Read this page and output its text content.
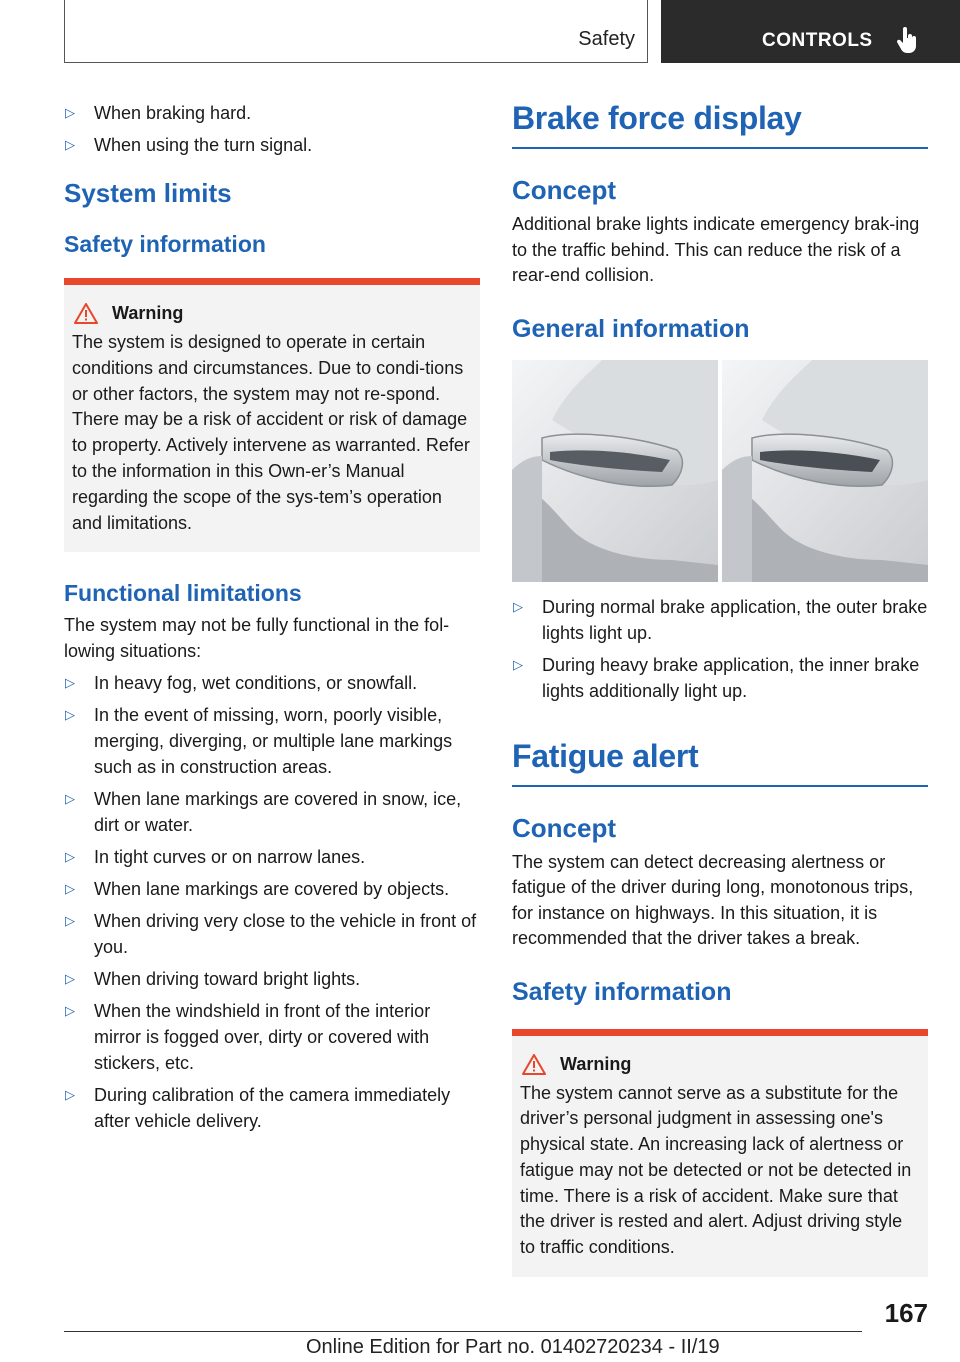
Safety	CONTROLS
▷ When braking hard.
▷ When using the turn signal.
System limits
Safety information
Warning

The system is designed to operate in certain conditions and circumstances. Due to condi-tions or other factors, the system may not re-spond. There may be a risk of accident or risk of damage to property. Actively intervene as warranted. Refer to the information in this Own-er’s Manual regarding the scope of the sys-tem’s operation and limitations.

Functional limitations

The system may not be fully functional in the fol-lowing situations:

▷ In heavy fog, wet conditions, or snowfall.
▷ In the event of missing, worn, poorly visible, merging, diverging, or multiple lane markings such as in construction areas.
▷ When lane markings are covered in snow, ice, dirt or water.
▷ In tight curves or on narrow lanes.
▷ When lane markings are covered by objects.
▷ When driving very close to the vehicle in front of you.
▷ When driving toward bright lights.
▷ When the windshield in front of the interior mirror is fogged over, dirty or covered with stickers, etc.
▷ During calibration of the camera immediately after vehicle delivery.
Brake force display
Concept

Additional brake lights indicate emergency brak-ing to the traffic behind. This can reduce the risk of a rear-end collision.

General information
▷ During normal brake application, the outer brake lights light up.
▷ During heavy brake application, the inner brake lights additionally light up.
Fatigue alert
Concept

The system can detect decreasing alertness or fatigue of the driver during long, monotonous trips, for instance on highways. In this situation, it is recommended that the driver takes a break.

Safety information
Warning

The system cannot serve as a substitute for the driver’s personal judgment in assessing one's physical state. An increasing lack of alertness or fatigue may not be detected or not be detected in time. There is a risk of accident. Make sure that the driver is rested and alert. Adjust driving style to traffic conditions.

167
Online Edition for Part no. 01402720234 - II/19
